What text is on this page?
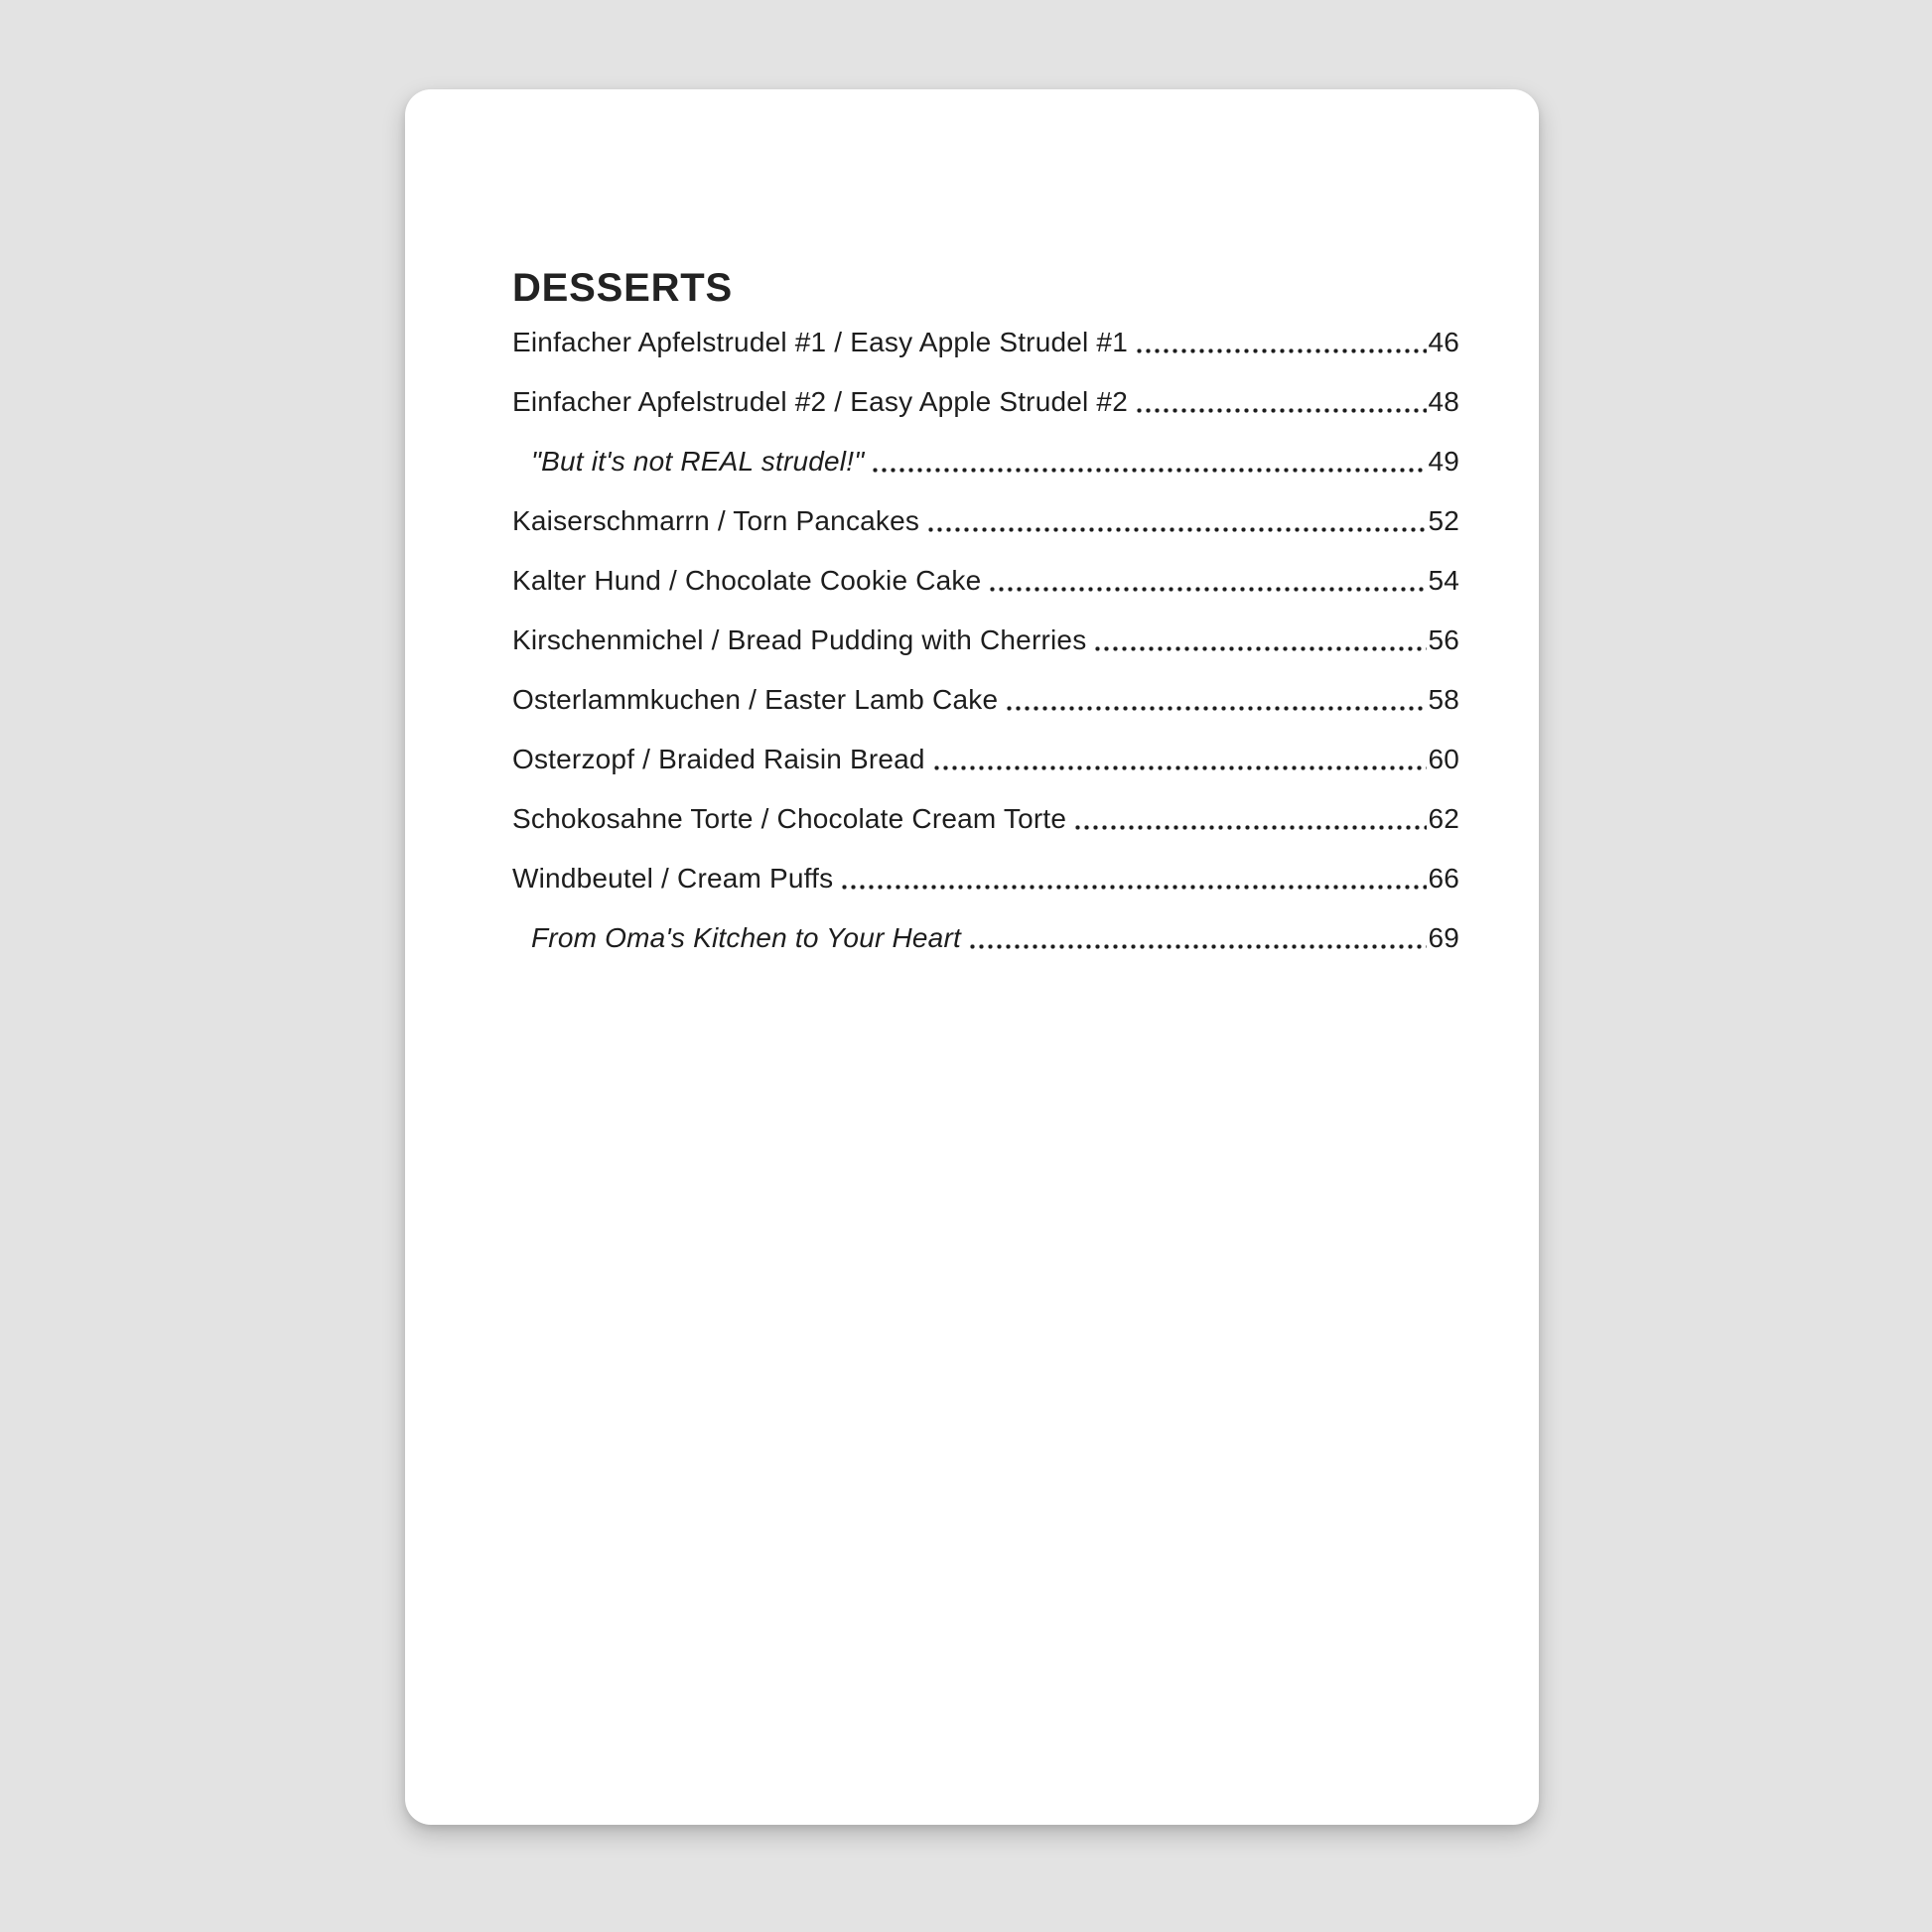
DESSERTS
Einfacher Apfelstrudel #1 / Easy Apple Strudel #1	46
Einfacher Apfelstrudel #2 / Easy Apple Strudel #2	48
"But it's not REAL strudel!"	49
Kaiserschmarrn / Torn Pancakes	52
Kalter Hund / Chocolate Cookie Cake	54
Kirschenmichel / Bread Pudding with Cherries	56
Osterlammkuchen / Easter Lamb Cake	58
Osterzopf / Braided Raisin Bread	60
Schokosahne Torte / Chocolate Cream Torte	62
Windbeutel / Cream Puffs	66
From Oma's Kitchen to Your Heart	69
